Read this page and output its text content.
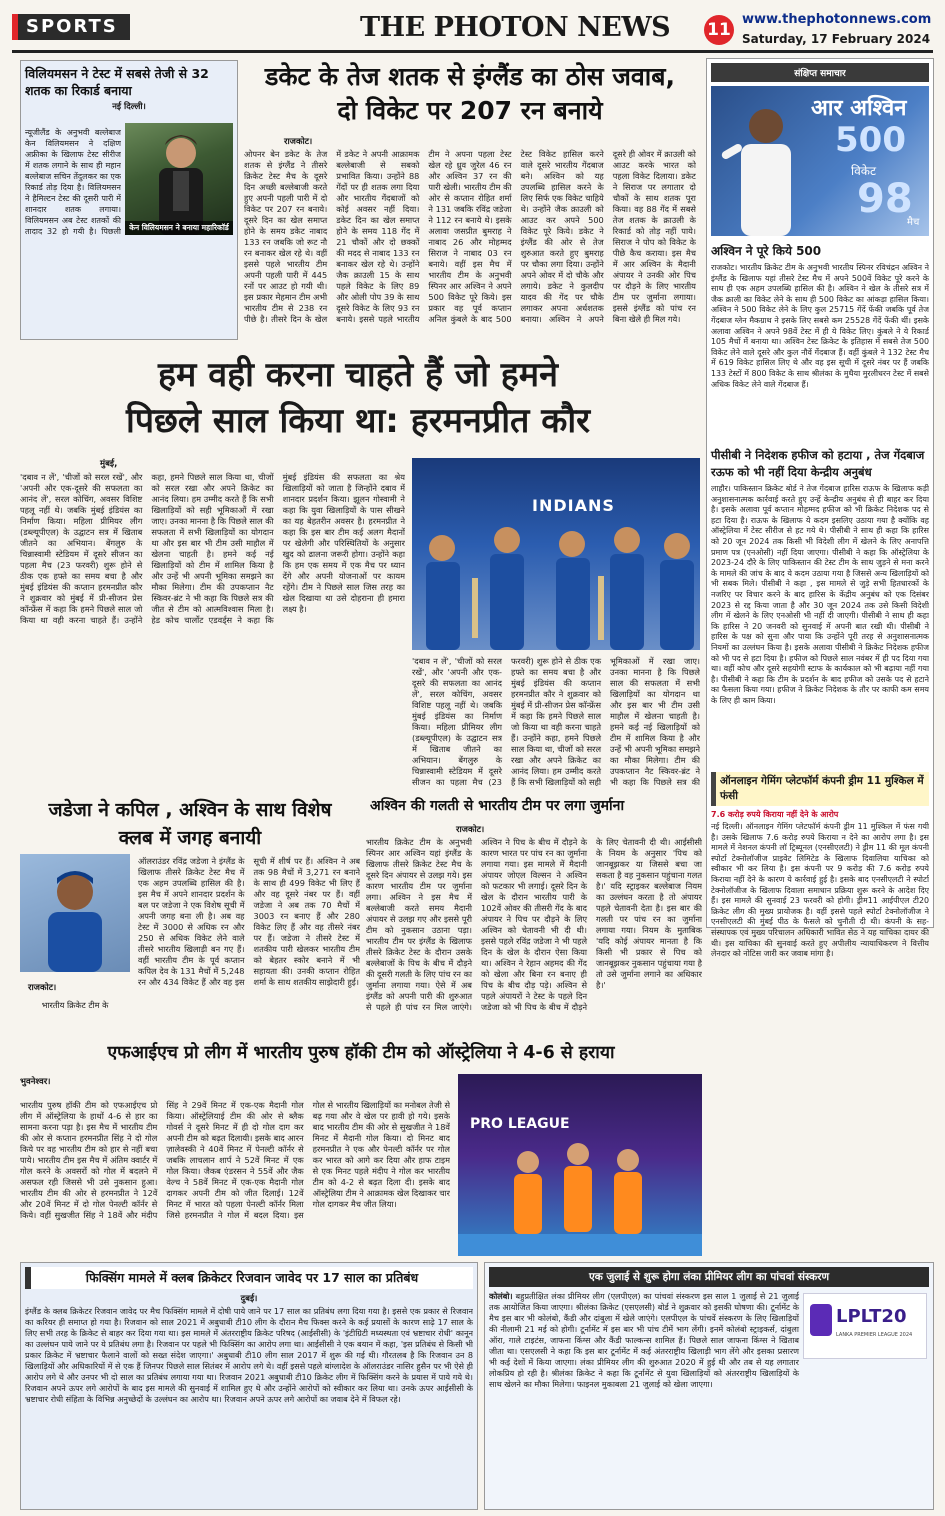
SPORTS	THE PHOTON NEWS 11
www.thephotonnews.com
Saturday, 17 February 2024
विलियमसन ने टेस्ट में सबसे तेजी से 32 शतक का रिकार्ड बनाया
नई दिल्ली।
केन विलियमसन ने बनाया महारिकॉर्ड
न्यूजीलैंड के अनुभवी बल्लेबाज केन विलियमसन ने दक्षिण अफ्रीका के खिलाफ टेस्ट सीरीज में शतक लगाने के साथ ही महान बल्लेबाज सचिन तेंदुलकर का एक रिकार्ड तोड़ दिया है। विलियमसन ने हैमिल्टन टेस्ट की दूसरी पारी में शानदार शतक लगाया। विलियमसन अब टेस्ट शतकों की तादाद 32 हो गयी है। पिछली
डकेट के तेज शतक से इंग्लैंड का ठोस जवाब, दो विकेट पर 207 रन बनाये
राजकोट।
ओपनर बेन डकेट के तेज शतक से इंग्लैंड ने तीसरे क्रिकेट टेस्ट मैच के दूसरे दिन अच्छी बल्लेबाजी करते हुए अपनी पहली पारी में दो विकेट पर 207 रन बनाये। दूसरे दिन का खेल समाप्त होने के समय डकेट नाबाद 133 रन जबकि जो रूट नौ रन बनाकर खेल रहे थे। वहीं इससे पहले भारतीय टीम अपनी पहली पारी में 445 रनों पर आउट हो गयी थी। इस प्रकार मेहमान टीम अभी भारतीय टीम से 238 रन पीछे है। तीसरे दिन के खेल में डकेट ने अपनी आक्रामक बल्लेबाजी से सबको प्रभावित किया। उन्होंने 88 गेंदों पर ही शतक लगा दिया और भारतीय गेंदबाजों को कोई अवसर नहीं दिया। डकेट दिन का खेल समाप्त होने के समय 118 गेंद में 21 चौकों और दो छक्कों की मदद से नाबाद 133 रन बनाकर खेल रहे थे। उन्होंने जैक क्राउली 15 के साथ पहले विकेट के लिए 89 और ओली पोप 39 के साथ दूसरे विकेट के लिए 93 रन बनाये। इससे पहले भारतीय टीम ने अपना पहला टेस्ट खेल रहे ध्रुव जुरेल 46 रन और अश्विन 37 रन की पारी खेली। भारतीय टीम की ओर से कप्तान रोहित शर्मा ने 131 जबकि रविंद्र जडेजा ने 112 रन बनाये थे। इसके अलावा जसप्रीत बुमराह ने नाबाद 26 और मोहम्मद सिराज ने नाबाद 03 रन बनाये। वहीं इस मैच में भारतीय टीम के अनुभवी स्पिनर आर अश्विन ने अपने 500 विकेट पूरे किये। इस प्रकार वह पूर्व कप्तान अनिल कुंबले के बाद 500 टेस्ट विकेट हासिल करने वाले दूसरे भारतीय गेंदबाज बने। अश्विन को यह उपलब्धि हासिल करने के लिए सिर्फ एक विकेट चाहिये थे। उन्होंने जैक क्राउली को आउट कर अपने 500 विकेट पूरे किये। डकेट ने इंग्लैंड की ओर से तेज शुरुआत करते हुए बुमराह पर चौका लगा दिया। उन्होंने अपने ओवर में दो चौके और लगाये। डकेट ने कुलदीप यादव की गेंद पर चौके लगाकर अपना अर्धशतक बनाया। अश्विन ने अपने दूसरे ही ओवर में क्राउली को आउट करके भारत को पहला विकेट दिलाया। डकेट ने सिराज पर लगातार दो चौकों के साथ शतक पूरा किया। वह 88 गेंद में सबसे तेज शतक के क्राउली के रिकार्ड को तोड़ नहीं पाये। सिराज ने पोप को विकेट के पीछे कैच कराया। इस मैच में आर अश्विन के मैदानी अंपायर ने उनकी ओर पिच पर दौड़ने के लिए भारतीय टीम पर जुर्माना लगाया। इससे इंग्लैंड को पांच रन बिना खेले ही मिल गये।
संक्षिप्त समाचार
आर अश्विन
500
विकेट
98
मैच
अश्विन ने पूरे किये 500
राजकोट। भारतीय क्रिकेट टीम के अनुभवी भारतीय स्पिनर रविचंद्रन अश्विन ने इंग्लैंड के खिलाफ यहां तीसरे टेस्ट मैच में अपने 500वें विकेट पूरे करने के साथ ही एक अहम उपलब्धि हासिल की है। अश्विन ने खेल के तीसरे सत्र में जैक क्राली का विकेट लेने के साथ ही 500 विकेट का आंकड़ा हासिल किया। अश्विन ने 500 विकेट लेने के लिए कुल 25715 गेंदें फेंकी जबकि पूर्व तेज गेंदबाज ग्लेन मैकग्राथ ने इसके लिए सबसे कम 25528 गेंदें फेंकी थीं। इसके अलावा अश्विन ने अपने 98वें टेस्ट में ही ये विकेट लिए। कुंबले ने ये रिकार्ड 105 मैचों में बनाया था। अश्विन टेस्ट क्रिकेट के इतिहास में सबसे तेज 500 विकेट लेने वाले दूसरे और कुल नौवें गेंदबाज हैं। वहीं कुंबले ने 132 टेस्ट मैच में 619 विकेट हासिल लिए थे और वह इस सूची में दूसरे नंबर पर हैं जबकि 133 टेस्टों में 800 विकेट के साथ श्रीलंका के मुथैया मुरलीधरन टेस्ट में सबसे अधिक विकेट लेने वाले गेंदबाज हैं।
पीसीबी ने निदेशक हफीज को हटाया , तेज गेंदबाज रऊफ को भी नहीं दिया केन्द्रीय अनुबंध
लाहौर। पाकिस्तान क्रिकेट बोर्ड ने तेज गेंदबाज हारिस राऊफ के खिलाफ कड़ी अनुशासनात्मक कार्रवाई करते हुए उन्हें केन्द्रीय अनुबंध से ही बाहर कर दिया है। इसके अलावा पूर्व कप्तान मोहम्मद हफीज को भी क्रिकेट निदेशक पद से हटा दिया है। राऊफ के खिलाफ ये कदम इसलिए उठाया गया है क्योंकि वह ऑस्ट्रेलिया में टेस्ट सीरीज से हट गये थे। पीसीबी ने साथ ही कहा कि हारिस को 20 जून 2024 तक किसी भी विदेशी लीग में खेलने के लिए अनापत्ति प्रमाण पत्र (एनओसी) नहीं दिया जाएगा। पीसीबी ने कहा कि ऑस्ट्रेलिया के 2023-24 दौरे के लिए पाकिस्तान की टेस्ट टीम के साथ जुड़ने से मना करने के मामले की जांच के बाद ये कदम उठाया गया है जिससे अन्य खिलाड़ियों को भी सबक मिले। पीसीबी ने कहा , इस मामले से जुड़े सभी हितधारकों के नजरिए पर विचार करने के बाद हारिस के केंद्रीय अनुबंध को एक दिसंबर 2023 से रद्द किया जाता है और 30 जून 2024 तक उसे किसी विदेशी लीग में खेलने के लिए एनओसी भी नहीं दी जाएगी। पीसीबी ने साथ ही कहा कि हारिस ने 20 जनवरी को सुनवाई में अपनी बात रखी थी। पीसीबी ने हारिस के पक्ष को सुना और पाया कि उन्होंने पूरी तरह से अनुशासनात्मक नियमों का उल्लंघन किया है। इसके अलावा पीसीबी ने क्रिकेट निदेशक हफीज को भी पद से हटा दिया है। हफीज को पिछले साल नवंबर में ही पद दिया गया था। वहीं कोच और दूसरे सहयोगी स्टाफ के कार्यकाल को भी बढ़ाया नहीं गया है। पीसीबी ने कहा कि टीम के प्रदर्शन के बाद हफीज को उसके पद से हटाने का फैसला किया गया। हफीज ने क्रिकेट निदेशक के तौर पर काफी कम समय के लिए ही काम किया।
ऑनलाइन गेमिंग प्लेटफॉर्म कंपनी ड्रीम 11 मुश्किल में फंसी
7.6 करोड़ रुपये किराया नहीं देने के आरोप
नई दिल्ली। ऑनलाइन गेमिंग प्लेटफॉर्म कंपनी ड्रीम 11 मुश्किल में फंस गयी है। उसके खिलाफ 7.6 करोड़ रुपये किराया न देने का आरोप लगा है। इस मामले में नेशनल कंपनी लॉ ट्रिब्यूनल (एनसीएलटी) ने ड्रीम 11 की मूल कंपनी स्पोर्टा टेक्नोलॉजीज प्राइवेट लिमिटेड के खिलाफ दिवालिया याचिका को स्वीकार भी कर लिया है। इस कंपनी पर 9 करोड़ की 7.6 करोड़ रुपये किराया नहीं देने के कारण ये कार्रवाई हुई है। इसके बाद एनसीएलटी ने स्पोर्टा टेक्नोलॉजीज के खिलाफ दिवाला समाधान प्रक्रिया शुरू करने के आदेश दिए हैं। इस मामले की सुनवाई 23 फरवरी को होगी। ड्रीम11 आईपीएल टी20 क्रिकेट लीग की मुख्य प्रायोजक है। वहीं इससे पहले स्पोर्टा टेक्नोलॉजीज ने एनसीएलटी की मुंबई पीठ के फैसले को चुनौती दी थी। कंपनी के सह-संस्थापक एवं मुख्य परिचालन अधिकारी भावित सेठ ने यह याचिका दायर की थी। इस याचिका की सुनवाई करते हुए अपीलीय न्यायाधिकरण ने वित्तीय लेनदार को नोटिस जारी कर जवाब मांगा है।
हम वही करना चाहते हैं जो हमने
पिछले साल किया था: हरमनप्रीत कौर
मुंबई,
'दबाव न लें', 'चीजों को सरल रखें', और 'अपनी और एक-दूसरे की सफलता का आनंद लें', सरल कोचिंग, अवसर विशिष्ट पहलू नहीं थे। जबकि मुंबई इंडियंस का निर्माण किया। महिला प्रीमियर लीग (डब्ल्यूपीएल) के उद्घाटन सत्र में खिताब जीतने का अभियान। बेंगलुरु के चिन्नास्वामी स्टेडियम में दूसरे सीजन का पहला मैच (23 फरवरी) शुरू होने से ठीक एक हफ्ते का समय बचा है और मुंबई इंडियंस की कप्तान हरमनप्रीत कौर ने शुक्रवार को मुंबई में प्री-सीजन प्रेस कॉन्फ्रेंस में कहा कि हमने पिछले साल जो किया था वही करना चाहते हैं। उन्होंने कहा, हमने पिछले साल किया था, चीजों को सरल रखा और अपने क्रिकेट का आनंद लिया। हम उम्मीद करते हैं कि सभी खिलाड़ियों को सही भूमिकाओं में रखा जाए। उनका मानना है कि पिछले साल की सफलता में सभी खिलाड़ियों का योगदान था और इस बार भी टीम उसी माहौल में खेलना चाहती है। हमने कई नई खिलाड़ियों को टीम में शामिल किया है और उन्हें भी अपनी भूमिका समझने का मौका मिलेगा। टीम की उपकप्तान नैट स्किवर-ब्रंट ने भी कहा कि पिछले सत्र की जीत से टीम को आत्मविश्वास मिला है। हेड कोच चार्लोट एडवर्ड्स ने कहा कि मुंबई इंडियंस की सफलता का श्रेय खिलाड़ियों को जाता है जिन्होंने दबाव में शानदार प्रदर्शन किया। झूलन गोस्वामी ने कहा कि युवा खिलाड़ियों के पास सीखने का यह बेहतरीन अवसर है। हरमनप्रीत ने कहा कि इस बार टीम कई अलग मैदानों पर खेलेगी और परिस्थितियों के अनुसार खुद को ढालना जरूरी होगा। उन्होंने कहा कि हम एक समय में एक मैच पर ध्यान देंगे और अपनी योजनाओं पर कायम रहेंगे। टीम ने पिछले साल जिस तरह का खेल दिखाया था उसे दोहराना ही हमारा लक्ष्य है।
INDIANS
'दबाव न लें', 'चीजों को सरल रखें', और 'अपनी और एक-दूसरे की सफलता का आनंद लें', सरल कोचिंग, अवसर विशिष्ट पहलू नहीं थे। जबकि मुंबई इंडियंस का निर्माण किया। महिला प्रीमियर लीग (डब्ल्यूपीएल) के उद्घाटन सत्र में खिताब जीतने का अभियान। बेंगलुरु के चिन्नास्वामी स्टेडियम में दूसरे सीजन का पहला मैच (23 फरवरी) शुरू होने से ठीक एक हफ्ते का समय बचा है और मुंबई इंडियंस की कप्तान हरमनप्रीत कौर ने शुक्रवार को मुंबई में प्री-सीजन प्रेस कॉन्फ्रेंस में कहा कि हमने पिछले साल जो किया था वही करना चाहते हैं। उन्होंने कहा, हमने पिछले साल किया था, चीजों को सरल रखा और अपने क्रिकेट का आनंद लिया। हम उम्मीद करते हैं कि सभी खिलाड़ियों को सही भूमिकाओं में रखा जाए। उनका मानना है कि पिछले साल की सफलता में सभी खिलाड़ियों का योगदान था और इस बार भी टीम उसी माहौल में खेलना चाहती है। हमने कई नई खिलाड़ियों को टीम में शामिल किया है और उन्हें भी अपनी भूमिका समझने का मौका मिलेगा। टीम की उपकप्तान नैट स्किवर-ब्रंट ने भी कहा कि पिछले सत्र की
जडेजा ने कपिल , अश्विन के साथ विशेष क्लब में जगह बनायी
राजकोट।
भारतीय क्रिकेट टीम के
ऑलराउंडर रविंद्र जडेजा ने इंग्लैंड के खिलाफ तीसरे क्रिकेट टेस्ट मैच में एक अहम उपलब्धि हासिल की है। इस मैच में अपने शानदार प्रदर्शन के बल पर जडेजा ने एक विशेष सूची में अपनी जगह बना ली है। अब वह टेस्ट में 3000 से अधिक रन और 250 से अधिक विकेट लेने वाले तीसरे भारतीय खिलाड़ी बन गए हैं। वहीं भारतीय टीम के पूर्व कप्तान कपिल देव के 131 मैचों में 5,248 रन और 434 विकेट हैं और वह इस सूची में शीर्ष पर हैं। अश्विन ने अब तक 98 मैचों में 3,271 रन बनाने के साथ ही 499 विकेट भी लिए हैं और वह दूसरे नंबर पर हैं। वहीं जडेजा ने अब तक 70 मैचों में 3003 रन बनाए हैं और 280 विकेट लिए हैं और वह तीसरे नंबर पर हैं। जडेजा ने तीसरे टेस्ट में शतकीय पारी खेलकर भारतीय टीम को बेहतर स्कोर बनाने में भी सहायता की। उनकी कप्तान रोहित शर्मा के साथ शतकीय साझेदारी हुई।
अश्विन की गलती से भारतीय टीम पर लगा जुर्माना
राजकोट।
भारतीय क्रिकेट टीम के अनुभवी स्पिनर आर अश्विन यहां इंग्लैंड के खिलाफ तीसरे क्रिकेट टेस्ट मैच के दूसरे दिन अंपायर से उलझ गये। इस कारण भारतीय टीम पर जुर्माना लगा। अश्विन ने इस मैच में बल्लेबाजी करते समय मैदानी अंपायर से उलझ गए और इससे पूरी टीम को नुकसान उठाना पड़ा। भारतीय टीम पर इंग्लैंड के खिलाफ तीसरे क्रिकेट टेस्ट के दौरान उसके बल्लेबाजों के पिच के बीच में दौड़ने की दूसरी गलती के लिए पांच रन का जुर्माना लगाया गया। ऐसे में अब इंग्लैंड को अपनी पारी की शुरुआत से पहले ही पांच रन मिल जाएंगे। अश्विन ने पिच के बीच में दौड़ने के कारण भारत पर पांच रन का जुर्माना लगाया गया। इस मामले में मैदानी अंपायर जोएल विल्सन ने अश्विन को फटकार भी लगाई। दूसरे दिन के खेल के दौरान भारतीय पारी के 102वें ओवर की तीसरी गेंद के बाद अंपायर ने पिच पर दौड़ने के लिए अश्विन को चेतावनी भी दी थी। इससे पहले रविंद्र जडेजा ने भी पहले दिन के खेल के दौरान ऐसा किया था। अश्विन ने रेहान अहमद की गेंद को खेला और बिना रन बनाए ही पिच के बीच दौड़ पड़े। अश्विन से पहले अंपायरों ने टेस्ट के पहले दिन जडेजा को भी पिच के बीच में दौड़ने के लिए चेतावनी दी थी। आईसीसी के नियम के अनुसार 'पिच को जानबूझकर या जिससे बचा जा सकता है वह नुकसान पहुंचाना गलत है।' यदि स्ट्राइकर बल्लेबाज नियम का उल्लंघन करता है तो अंपायर पहले चेतावनी देता है। इस बार की गलती पर पांच रन का जुर्माना लगाया गया। नियम के मुताबिक 'यदि कोई अंपायर मानता है कि किसी भी प्रकार से पिच को जानबूझकर नुकसान पहुंचाया गया है तो उसे जुर्माना लगाने का अधिकार है।'
एफआईएच प्रो लीग में भारतीय पुरुष हॉकी टीम को ऑस्ट्रेलिया ने 4-6 से हराया
भुवनेश्वर।
भारतीय पुरुष हॉकी टीम को एफआईएच प्रो लीग में ऑस्ट्रेलिया के हाथों 4-6 से हार का सामना करना पड़ा है। इस मैच में भारतीय टीम की ओर से कप्तान हरमनप्रीत सिंह ने दो गोल किये पर वह भारतीय टीम को हार से नहीं बचा पाये। भारतीय टीम इस मैच में अंतिम क्वार्टर में गोल करने के अवसरों को गोल में बदलने में असफल रही जिससे भी उसे नुकसान हुआ। भारतीय टीम की ओर से हरमनप्रीत ने 12वें और 20वें मिनट में दो गोल पेनल्टी कॉर्नर से किये। वहीं सुखजीत सिंह ने 18वें और मंदीप सिंह ने 29वें मिनट में एक-एक मैदानी गोल किया। ऑस्ट्रेलियाई टीम की ओर से ब्लैक गोवर्स ने दूसरे मिनट में ही दो गोल दाग कर अपनी टीम को बढ़त दिलायी। इसके बाद आरन ज़ालेवस्की ने 40वें मिनट में पेनल्टी कॉर्नर से जबकि लाचलान शार्प ने 52वें मिनट में एक गोल किया। जैकब एंडरसन ने 55वें और जैक वेल्च ने 58वें मिनट में एक-एक मैदानी गोल दागकर अपनी टीम को जीत दिलाई। 12वें मिनट में भारत को पहला पेनल्टी कॉर्नर मिला जिसे हरमनप्रीत ने गोल में बदल दिया। इस गोल से भारतीय खिलाड़ियों का मनोबल तेजी से बढ़ गया और वे खेल पर हावी हो गये। इसके बाद भारतीय टीम की ओर से सुखजीत ने 18वें मिनट में मैदानी गोल किया। दो मिनट बाद हरमनप्रीत ने एक और पेनल्टी कॉर्नर पर गोल कर भारत को आगे कर दिया और हाफ टाइम से एक मिनट पहले मंदीप ने गोल कर भारतीय टीम को 4-2 से बढ़त दिला दी। इसके बाद ऑस्ट्रेलिया टीम ने आक्रामक खेल दिखाकर चार गोल दागकर मैच जीत लिया।
PRO LEAGUE
फिक्सिंग मामले में क्लब क्रिकेटर रिजवान जावेद पर 17 साल का प्रतिबंध
दुबई।
इंग्लैंड के क्लब क्रिकेटर रिजवान जावेद पर मैच फिक्सिंग मामले में दोषी पाये जाने पर 17 साल का प्रतिबंध लगा दिया गया है। इससे एक प्रकार से रिजवान का करियर ही समाप्त हो गया है। रिजवान को साल 2021 में अबुधाबी टी10 लीग के दौरान मैच फिक्स करने के कई प्रयासों के कारण साढ़े 17 साल के लिए सभी तरह के क्रिकेट से बाहर कर दिया गया था। इस मामले में अंतरराष्ट्रीय क्रिकेट परिषद (आईसीसी) के 'इंटीग्रिटी मध्यस्थता एवं भ्रष्टाचार रोधी' कानून का उल्लंघन पाये जाने पर ये प्रतिबंध लगा है। रिजवान पर पहले भी फिक्सिंग का आरोप लगा था। आईसीसी ने एक बयान में कहा, 'इस प्रतिबंध से किसी भी प्रकार क्रिकेट में भ्रष्टाचार फैलाने वालों को सख्त संदेश जाएगा।' अबुधाबी टी10 लीग साल 2017 में शुरू की गई थी। गौरतलब है कि रिजवान उन 8 खिलाड़ियों और अधिकारियों में से एक हैं जिनपर पिछले साल सितंबर में आरोप लगे थे। वहीं इससे पहले बांग्लादेश के ऑलराउंडर नासिर हुसैन पर भी ऐसे ही आरोप लगे थे और उनपर भी दो साल का प्रतिबंध लगाया गया था। रिजवान 2021 अबुधाबी टी10 क्रिकेट लीग में फिक्सिंग करने के प्रयास में पाये गये थे। रिजवान अपने ऊपर लगे आरोपों के बाद इस मामले की सुनवाई में शामिल हुए थे और उन्होंने आरोपों को स्वीकार कर लिया था। उनके ऊपर आईसीसी के भ्रष्टाचार रोधी संहिता के विभिन्न अनुच्छेदों के उल्लंघन का आरोप था। रिजवान अपने ऊपर लगे आरोपों का जवाब देने में विफल रहे।
एक जुलाई से शुरू होगा लंका प्रीमियर लीग का पांचवां संस्करण
LPLT20
LANKA PREMIER LEAGUE 2024
कोलंबो। बहुप्रतीक्षित लंका प्रीमियर लीग (एलपीएल) का पांचवां संस्करण इस साल 1 जुलाई से 21 जुलाई तक आयोजित किया जाएगा। श्रीलंका क्रिकेट (एसएलसी) बोर्ड ने शुक्रवार को इसकी घोषणा की। टूर्नामेंट के मैच इस बार भी कोलंबो, कैंडी और दांबुला में खेले जाएंगे। एलपीएल के पांचवें संस्करण के लिए खिलाड़ियों की नीलामी 21 मई को होगी। टूर्नामेंट में इस बार भी पांच टीमें भाग लेंगी। इनमें कोलंबो स्ट्राइकर्स, दांबुला ऑरा, गाले टाइटंस, जाफना किंग्स और कैंडी फाल्कन्स शामिल हैं। पिछले साल जाफना किंग्स ने खिताब जीता था। एसएलसी ने कहा कि इस बार टूर्नामेंट में कई अंतरराष्ट्रीय खिलाड़ी भाग लेंगे और इसका प्रसारण भी कई देशों में किया जाएगा। लंका प्रीमियर लीग की शुरुआत 2020 में हुई थी और तब से यह लगातार लोकप्रिय हो रही है। श्रीलंका क्रिकेट ने कहा कि टूर्नामेंट से युवा खिलाड़ियों को अंतरराष्ट्रीय खिलाड़ियों के साथ खेलने का मौका मिलेगा। फाइनल मुकाबला 21 जुलाई को खेला जाएगा।
